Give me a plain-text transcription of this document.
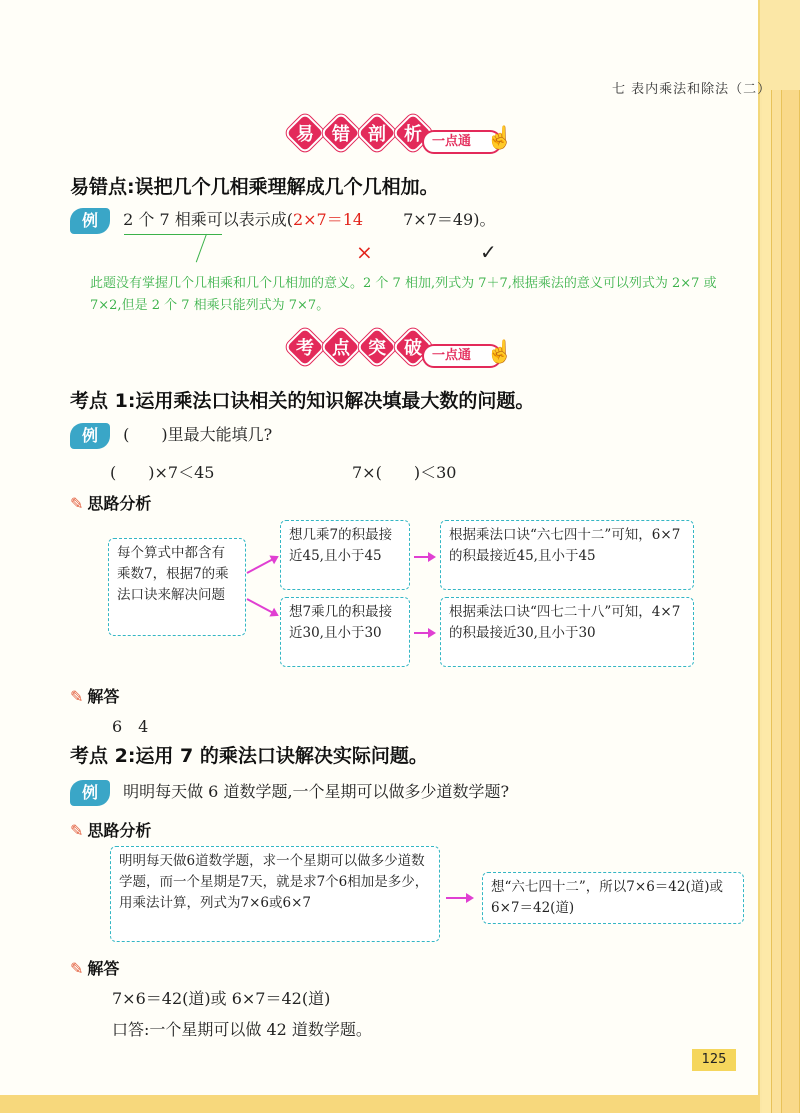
七 表内乘法和除法（二）
易 错 剖 析 一点通 ☝
易错点:误把几个几相乘理解成几个几相加。
例 2 个 7 相乘可以表示成(2×7＝14	7×7＝49)。
×	✓
此题没有掌握几个几相乘和几个几相加的意义。2 个 7 相加,列式为 7＋7,根据乘法的意义可以列式为 2×7 或 7×2,但是 2 个 7 相乘只能列式为 7×7。
考 点 突 破 一点通 ☝
考点 1:运用乘法口诀相关的知识解决填最大数的问题。
例 (　　)里最大能填几?
(　　)×7＜45	7×(　　)＜30
✎ 思路分析
每个算式中都含有乘数7，根据7的乘法口诀来解决问题
想几乘7的积最接近45,且小于45
根据乘法口诀“六七四十二”可知，6×7的积最接近45,且小于45
想7乘几的积最接近30,且小于30
根据乘法口诀“四七二十八”可知，4×7的积最接近30,且小于30
✎ 解答
6　4
考点 2:运用 7 的乘法口诀解决实际问题。
例 明明每天做 6 道数学题,一个星期可以做多少道数学题?
✎ 思路分析
明明每天做6道数学题，求一个星期可以做多少道数学题，而一个星期是7天，就是求7个6相加是多少，用乘法计算，列式为7×6或6×7
想“六七四十二”，所以7×6＝42(道)或6×7＝42(道)
✎ 解答
7×6＝42(道)或 6×7＝42(道)
口答:一个星期可以做 42 道数学题。
125
